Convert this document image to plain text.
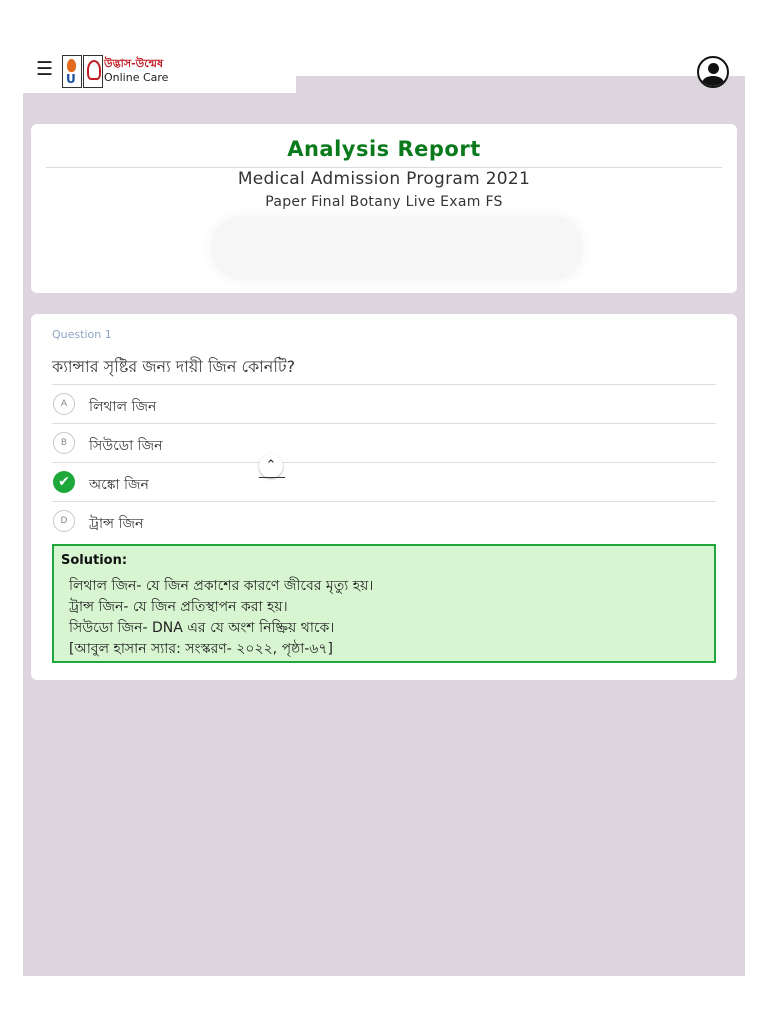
☰ U
উদ্ভাস-উন্মেষ
Online Care
Analysis Report
Medical Admission Program 2021
Paper Final Botany Live Exam FS
Question 1
ক্যান্সার সৃষ্টির জন্য দায়ী জিন কোনটি?
A	লিথাল জিন
B	সিউডো জিন
✔	অঙ্কো জিন
D	ট্রান্স জিন
⌃
Solution:
লিথাল জিন- যে জিন প্রকাশের কারণে জীবের মৃত্যু হয়।
ট্রান্স জিন- যে জিন প্রতিস্থাপন করা হয়।
সিউডো জিন- DNA এর যে অংশ নিষ্ক্রিয় থাকে।
[আবুল হাসান স্যার: সংস্করণ- ২০২২, পৃষ্ঠা-৬৭]
